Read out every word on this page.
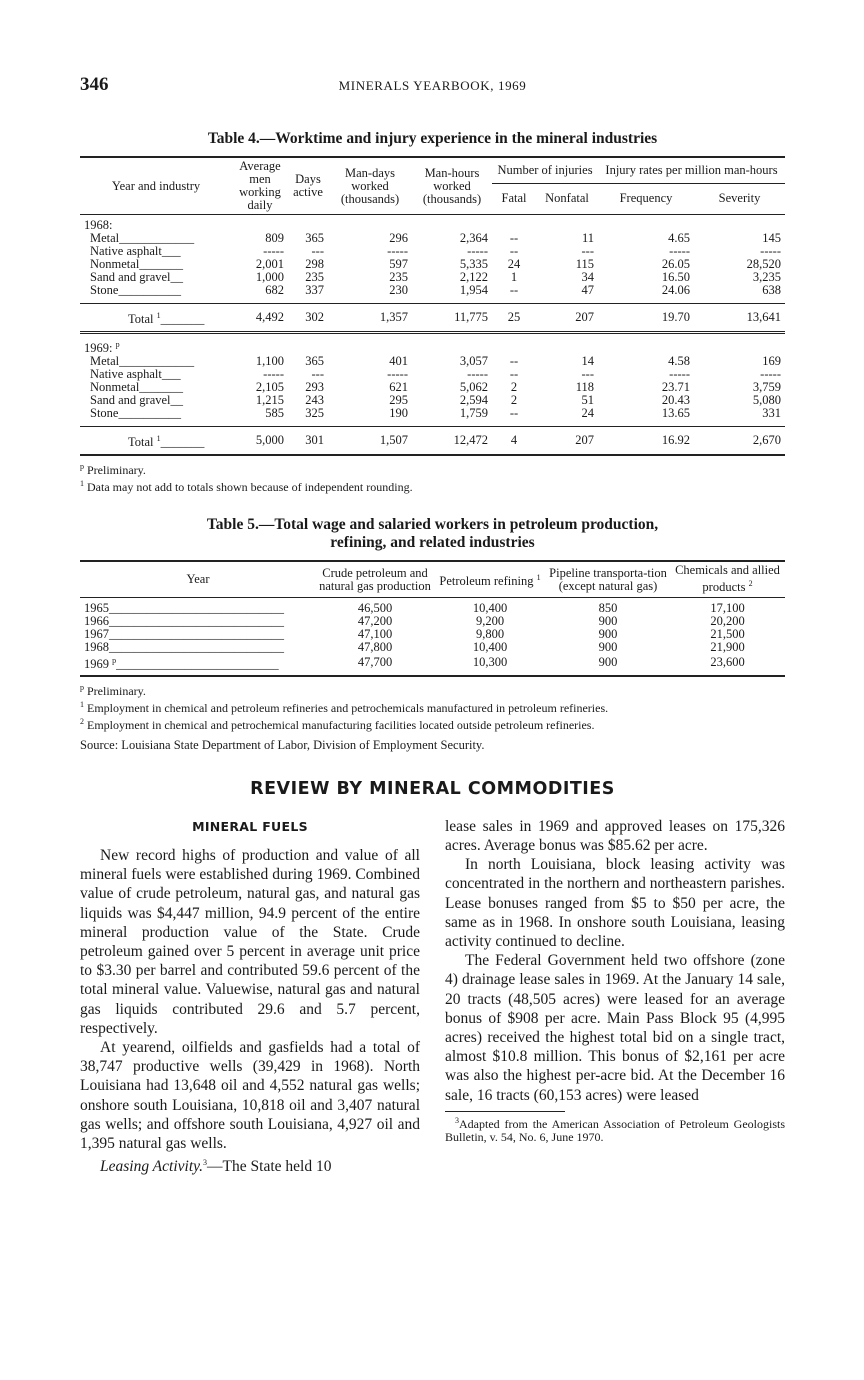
346	MINERALS YEARBOOK, 1969
Table 4.—Worktime and injury experience in the mineral industries
Year and industry	Average men working daily	Days active	Man-days worked (thousands)	Man-hours worked (thousands)	Number of injuries		Injury rates per million man-hours	
					Fatal	Nonfatal	Frequency	Severity
1968:								
Metal____________	809	365	296	2,364	--	11	4.65	145
Native asphalt___	-----	---	-----	-----	--	---	-----	-----
Nonmetal_______	2,001	298	597	5,335	24	115	26.05	28,520
Sand and gravel__	1,000	235	235	2,122	1	34	16.50	3,235
Stone__________	682	337	230	1,954	--	47	24.06	638

Total $^1$_______	4,492	302	1,357	11,775	25	207	19.70	13,641
1969: $^p$
Metal____________	1,100	365	401	3,057	--	14	4.58	169
Native asphalt___	-----	---	-----	-----	--	---	-----	-----
Nonmetal_______	2,105	293	621	5,062	2	118	23.71	3,759
Sand and gravel__	1,215	243	295	2,594	2	51	20.43	5,080
Stone__________	585	325	190	1,759	--	24	13.65	331

Total $^1$_______	5,000	301	1,507	12,472	4	207	16.92	2,670
$^p$ Preliminary.
$^1$ Data may not add to totals shown because of independent rounding.
Table 5.—Total wage and salaried workers in petroleum production,
refining, and related industries
Year	Crude petroleum and natural gas production	Petroleum refining $^1$	Pipeline transporta-tion (except natural gas)	Chemicals and allied products $^2$
1965____________________________	46,500	10,400	850	17,100
1966____________________________	47,200	9,200	900	20,200
1967____________________________	47,100	9,800	900	21,500
1968____________________________	47,800	10,400	900	21,900
1969 $^p$__________________________	47,700	10,300	900	23,600
$^p$ Preliminary.
$^1$ Employment in chemical and petroleum refineries and petrochemicals manufactured in petroleum refineries.
$^2$ Employment in chemical and petrochemical manufacturing facilities located outside petroleum refineries.
Source: Louisiana State Department of Labor, Division of Employment Security.
REVIEW BY MINERAL COMMODITIES
MINERAL FUELS

New record highs of production and value of all mineral fuels were established during 1969. Combined value of crude petroleum, natural gas, and natural gas liquids was $4,447 million, 94.9 percent of the entire mineral production value of the State. Crude petroleum gained over 5 percent in average unit price to $3.30 per barrel and contributed 59.6 percent of the total mineral value. Valuewise, natural gas and natural gas liquids contributed 29.6 and 5.7 percent, respectively.

At yearend, oilfields and gasfields had a total of 38,747 productive wells (39,429 in 1968). North Louisiana had 13,648 oil and 4,552 natural gas wells; onshore south Louisiana, 10,818 oil and 3,407 natural gas wells; and offshore south Louisiana, 4,927 oil and 1,395 natural gas wells.

Leasing Activity.$^3$—The State held 10

lease sales in 1969 and approved leases on 175,326 acres. Average bonus was $85.62 per acre.

In north Louisiana, block leasing activity was concentrated in the northern and northeastern parishes. Lease bonuses ranged from $5 to $50 per acre, the same as in 1968. In onshore south Louisiana, leasing activity continued to decline.

The Federal Government held two offshore (zone 4) drainage lease sales in 1969. At the January 14 sale, 20 tracts (48,505 acres) were leased for an average bonus of $908 per acre. Main Pass Block 95 (4,995 acres) received the highest total bid on a single tract, almost $10.8 million. This bonus of $2,161 per acre was also the highest per-acre bid. At the December 16 sale, 16 tracts (60,153 acres) were leased

$^3$Adapted from the American Association of Petroleum Geologists Bulletin, v. 54, No. 6, June 1970.
